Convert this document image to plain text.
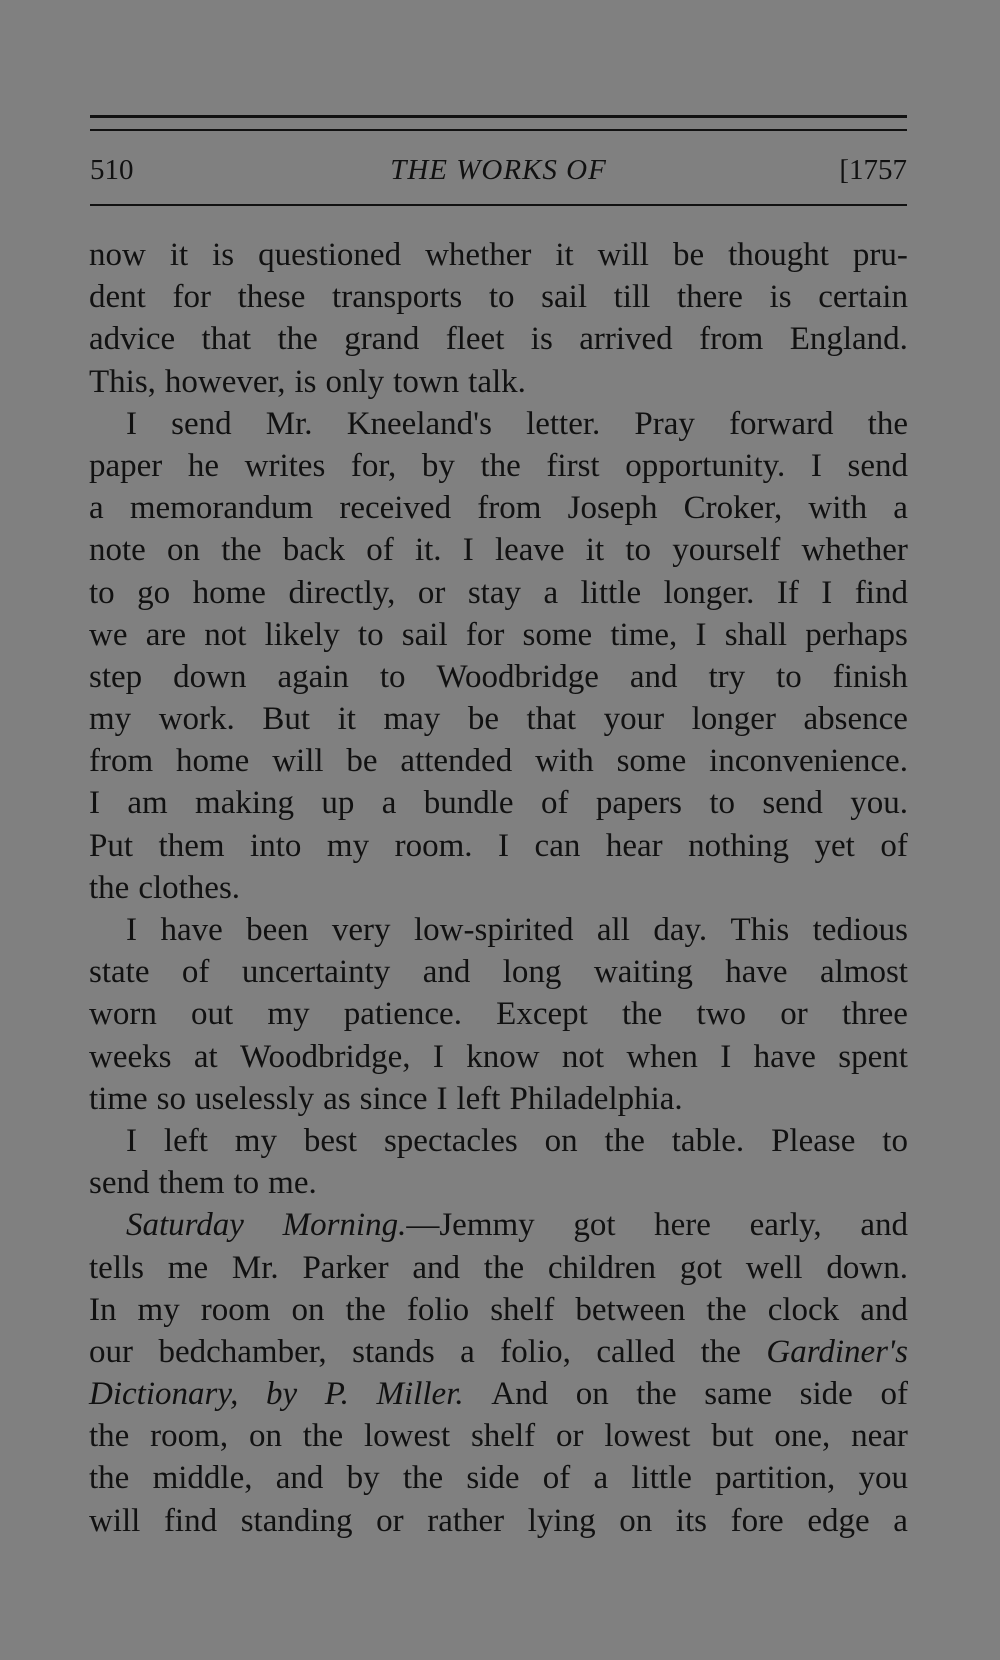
510	THE WORKS OF	[1757
now it is questioned whether it will be thought pru-
dent for these transports to sail till there is certain
advice that the grand fleet is arrived from England.
This,
however,
is
only
town
talk.
I send Mr. Kneeland's letter. Pray forward the
paper he writes for, by the first opportunity. I send
a memorandum received from Joseph Croker, with a
note on the back of it. I leave it to yourself whether
to go home directly, or stay a little longer. If I find
we are not likely to sail for some time, I shall perhaps
step down again to Woodbridge and try to finish
my work. But it may be that your longer absence
from home will be attended with some inconvenience.
I am making up a bundle of papers to send you.
Put them into my room. I can hear nothing yet of
the
clothes.
I have been very low-spirited all day. This tedious
state of uncertainty and long waiting have almost
worn out my patience. Except the two or three
weeks at Woodbridge, I know not when I have spent
time
so
uselessly
as
since
I
left
Philadelphia.
I left my best spectacles on the table. Please to
send
them
to
me.
Saturday Morning.—Jemmy got here early, and
tells me Mr. Parker and the children got well down.
In my room on the folio shelf between the clock and
our bedchamber, stands a folio, called the Gardiner's
Dictionary, by P. Miller. And on the same side of
the room, on the lowest shelf or lowest but one, near
the middle, and by the side of a little partition, you
will find standing or rather lying on its fore edge a
